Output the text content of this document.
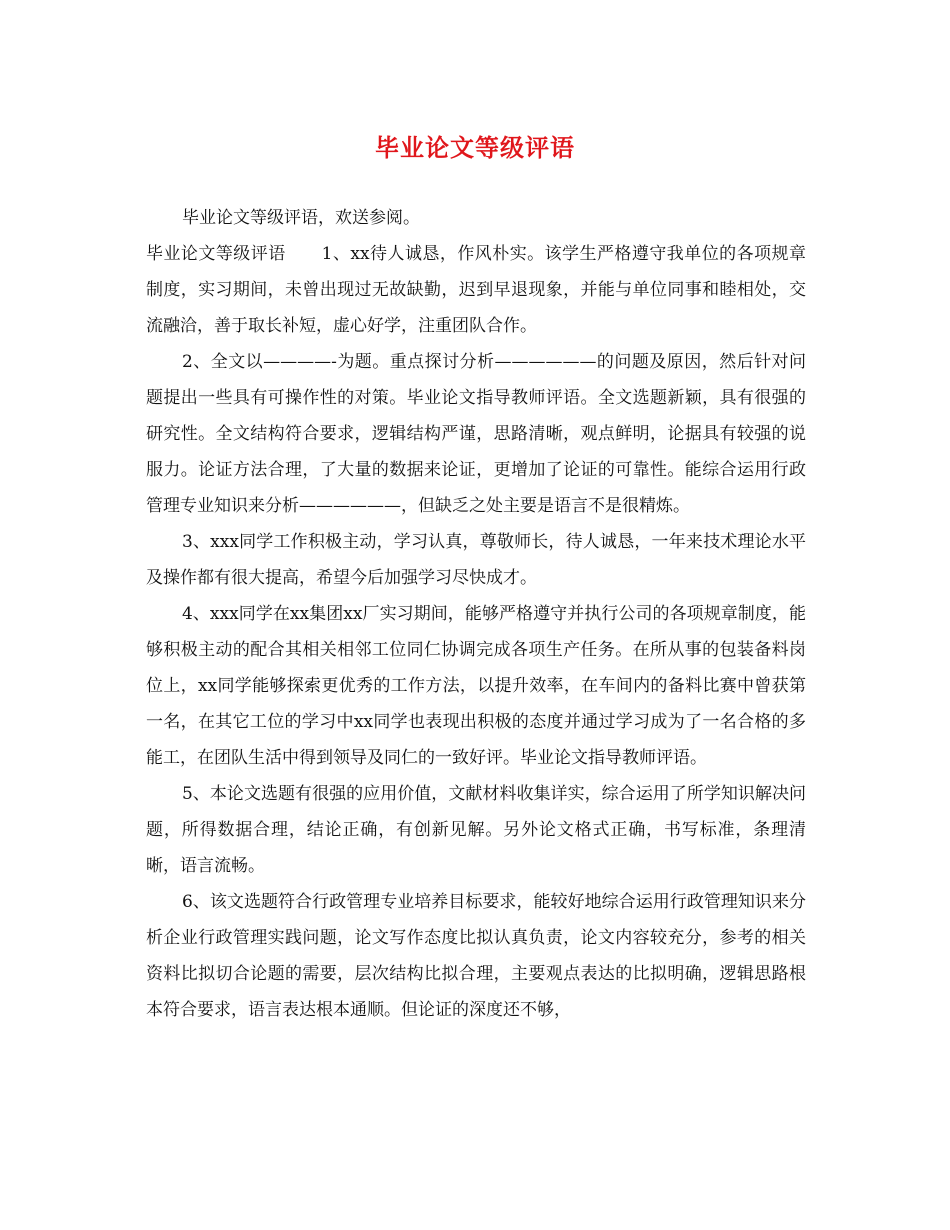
毕业论文等级评语

毕业论文等级评语，欢送参阅。

毕业论文等级评语 1、xx待人诚恳，作风朴实。该学生严格遵守我单位的各项规章制度，实习期间，未曾出现过无故缺勤，迟到早退现象，并能与单位同事和睦相处，交流融洽，善于取长补短，虚心好学，注重团队合作。

2、全文以————-为题。重点探讨分析——————的问题及原因，然后针对问题提出一些具有可操作性的对策。毕业论文指导教师评语。全文选题新颖，具有很强的研究性。全文结构符合要求，逻辑结构严谨，思路清晰，观点鲜明，论据具有较强的说服力。论证方法合理，了大量的数据来论证，更增加了论证的可靠性。能综合运用行政管理专业知识来分析——————，但缺乏之处主要是语言不是很精炼。

3、xxx同学工作积极主动，学习认真，尊敬师长，待人诚恳，一年来技术理论水平及操作都有很大提高，希望今后加强学习尽快成才。

4、xxx同学在xx集团xx厂实习期间，能够严格遵守并执行公司的各项规章制度，能够积极主动的配合其相关相邻工位同仁协调完成各项生产任务。在所从事的包装备料岗位上，xx同学能够探索更优秀的工作方法，以提升效率，在车间内的备料比赛中曾获第一名，在其它工位的学习中xx同学也表现出积极的态度并通过学习成为了一名合格的多能工，在团队生活中得到领导及同仁的一致好评。毕业论文指导教师评语。

5、本论文选题有很强的应用价值，文献材料收集详实，综合运用了所学知识解决问题，所得数据合理，结论正确，有创新见解。另外论文格式正确，书写标准，条理清晰，语言流畅。

6、该文选题符合行政管理专业培养目标要求，能较好地综合运用行政管理知识来分析企业行政管理实践问题，论文写作态度比拟认真负责，论文内容较充分，参考的相关资料比拟切合论题的需要，层次结构比拟合理，主要观点表达的比拟明确，逻辑思路根本符合要求，语言表达根本通顺。但论证的深度还不够，
